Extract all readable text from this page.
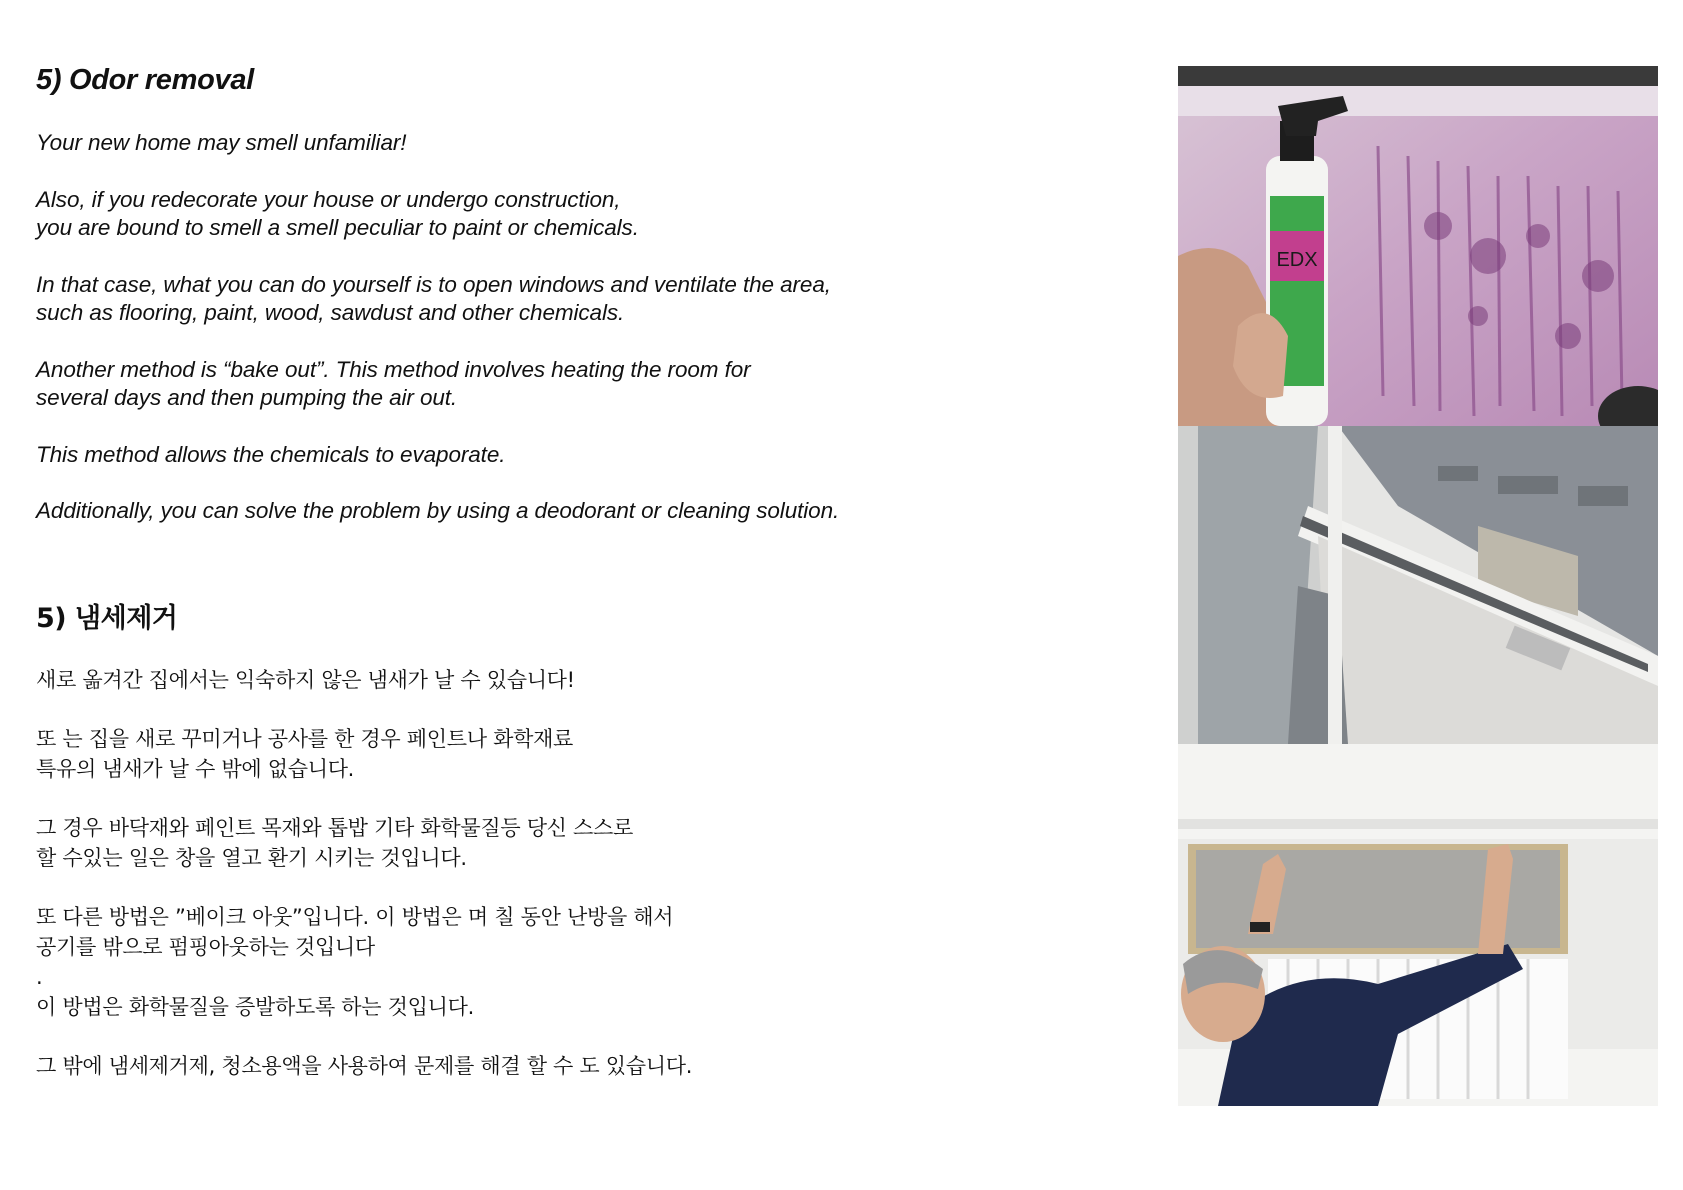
5) Odor removal

Your new home may smell unfamiliar!

Also, if you redecorate your house or undergo construction,
you are bound to smell a smell peculiar to paint or chemicals.

In that case, what you can do yourself is to open windows and ventilate the area,
such as flooring, paint, wood, sawdust and other chemicals.

Another method is “bake out”. This method involves heating the room for
several days and then pumping the air out.

This method allows the chemicals to evaporate.

Additionally, you can solve the problem by using a deodorant or cleaning solution.

5) 냄세제거

새로 옮겨간 집에서는 익숙하지 않은 냄새가 날 수 있습니다!

또 는 집을 새로 꾸미거나 공사를 한 경우 페인트나 화학재료
특유의 냄새가 날 수 밖에 없습니다.

그 경우 바닥재와 페인트 목재와 톱밥 기타 화학물질등 당신 스스로
할 수있는 일은 창을 열고 환기 시키는 것입니다.

또 다른 방법은 ”베이크 아웃”입니다. 이 방법은 며 칠 동안 난방을 해서
공기를 밖으로 펌핑아웃하는 것입니다
.
이 방법은 화학물질을 증발하도록 하는 것입니다.

그 밖에 냄세제거제, 청소용액을 사용하여 문제를 해결 할 수 도 있습니다.

EDX
